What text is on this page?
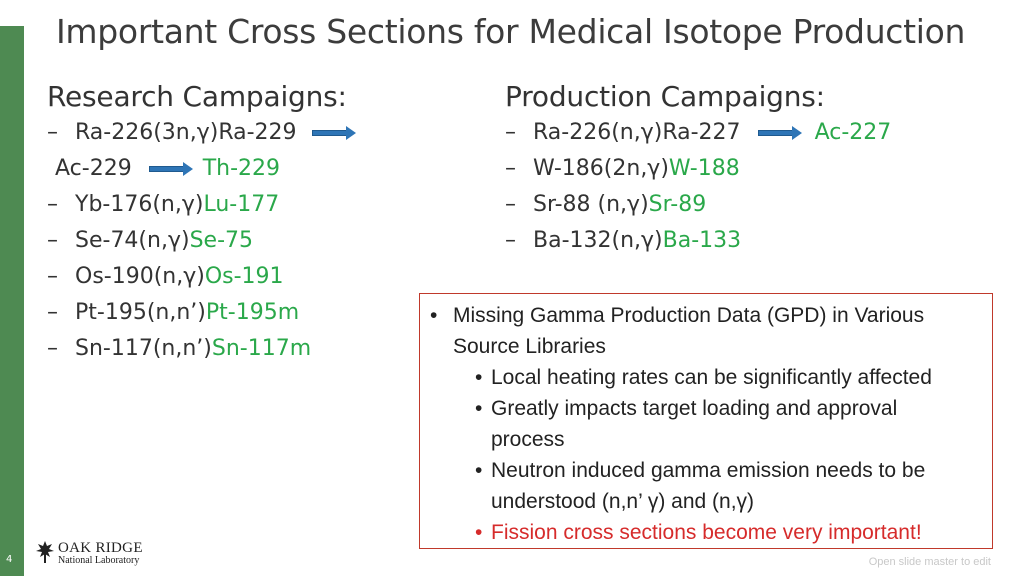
4
Important Cross Sections for Medical Isotope Production
Research Campaigns:
– Ra-226(3n,γ)Ra-229
Ac-229	Th-229
– Yb-176(n,γ)Lu-177
– Se-74(n,γ)Se-75
– Os-190(n,γ)Os-191
– Pt-195(n,n’)Pt-195m
– Sn-117(n,n’)Sn-117m
Production Campaigns:
– Ra-226(n,γ)Ra-227	Ac-227
– W-186(2n,γ)W-188
– Sr-88 (n,γ)Sr-89
– Ba-132(n,γ)Ba-133
• Missing Gamma Production Data (GPD) in Various
Source Libraries
• Local heating rates can be significantly affected
• Greatly impacts target loading and approval
process
• Neutron induced gamma emission needs to be
understood (n,n’ γ) and (n,γ)
• Fission cross sections become very important!
OAK RIDGE
National Laboratory	Open slide master to edit
